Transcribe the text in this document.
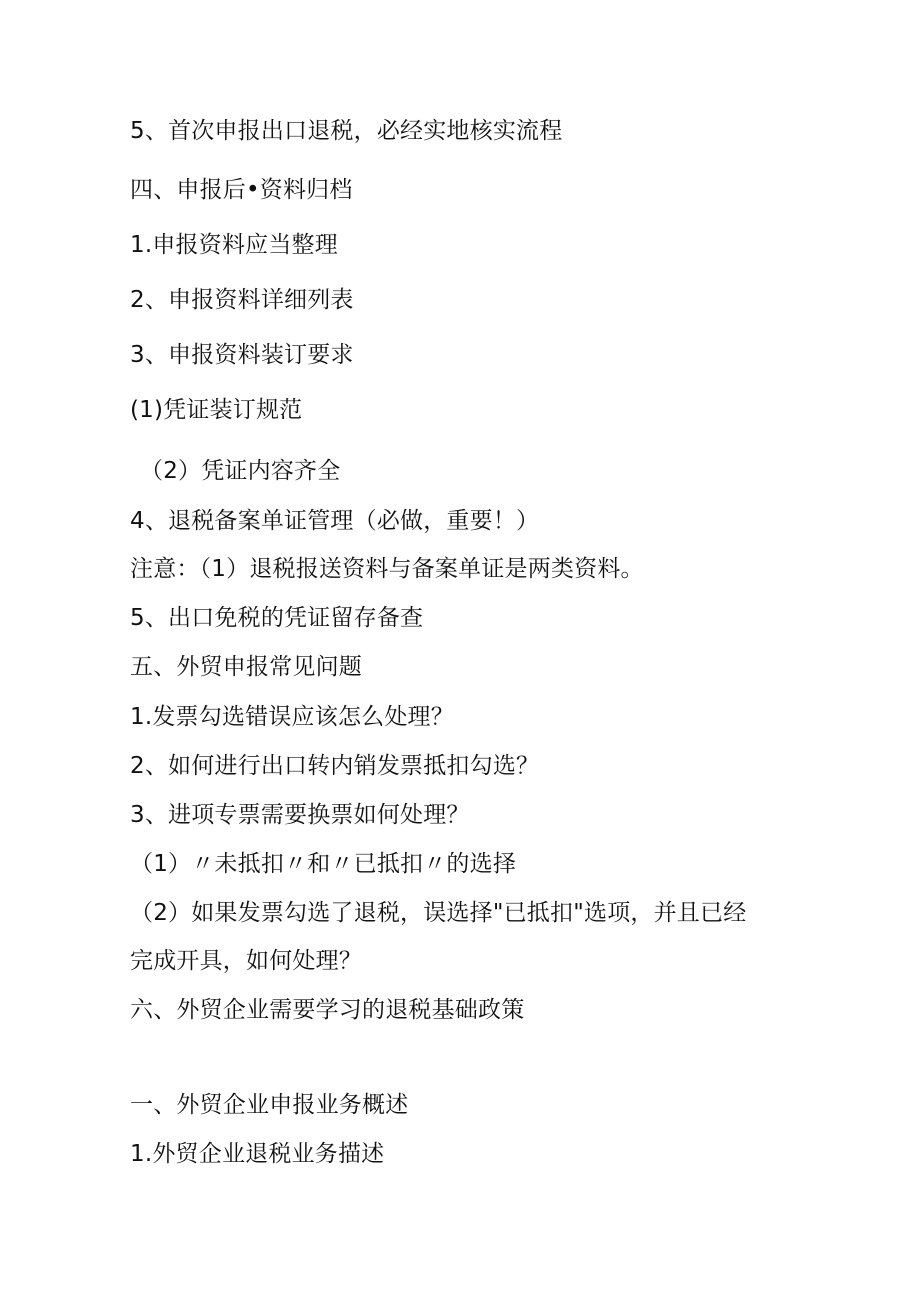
5、首次申报出口退税，必经实地核实流程
四、申报后•资料归档
1.申报资料应当整理
2、申报资料详细列表
3、申报资料装订要求
(1)凭证装订规范
（2）凭证内容齐全
4、退税备案单证管理（必做，重要！）
注意：（1）退税报送资料与备案单证是两类资料。
5、出口免税的凭证留存备查
五、外贸申报常见问题
1.发票勾选错误应该怎么处理？
2、如何进行出口转内销发票抵扣勾选？
3、进项专票需要换票如何处理？
（1）〃未抵扣〃和〃已抵扣〃的选择
（2）如果发票勾选了退税，误选择"已抵扣"选项，并且已经
完成开具，如何处理？
六、外贸企业需要学习的退税基础政策
一、外贸企业申报业务概述
1.外贸企业退税业务描述
